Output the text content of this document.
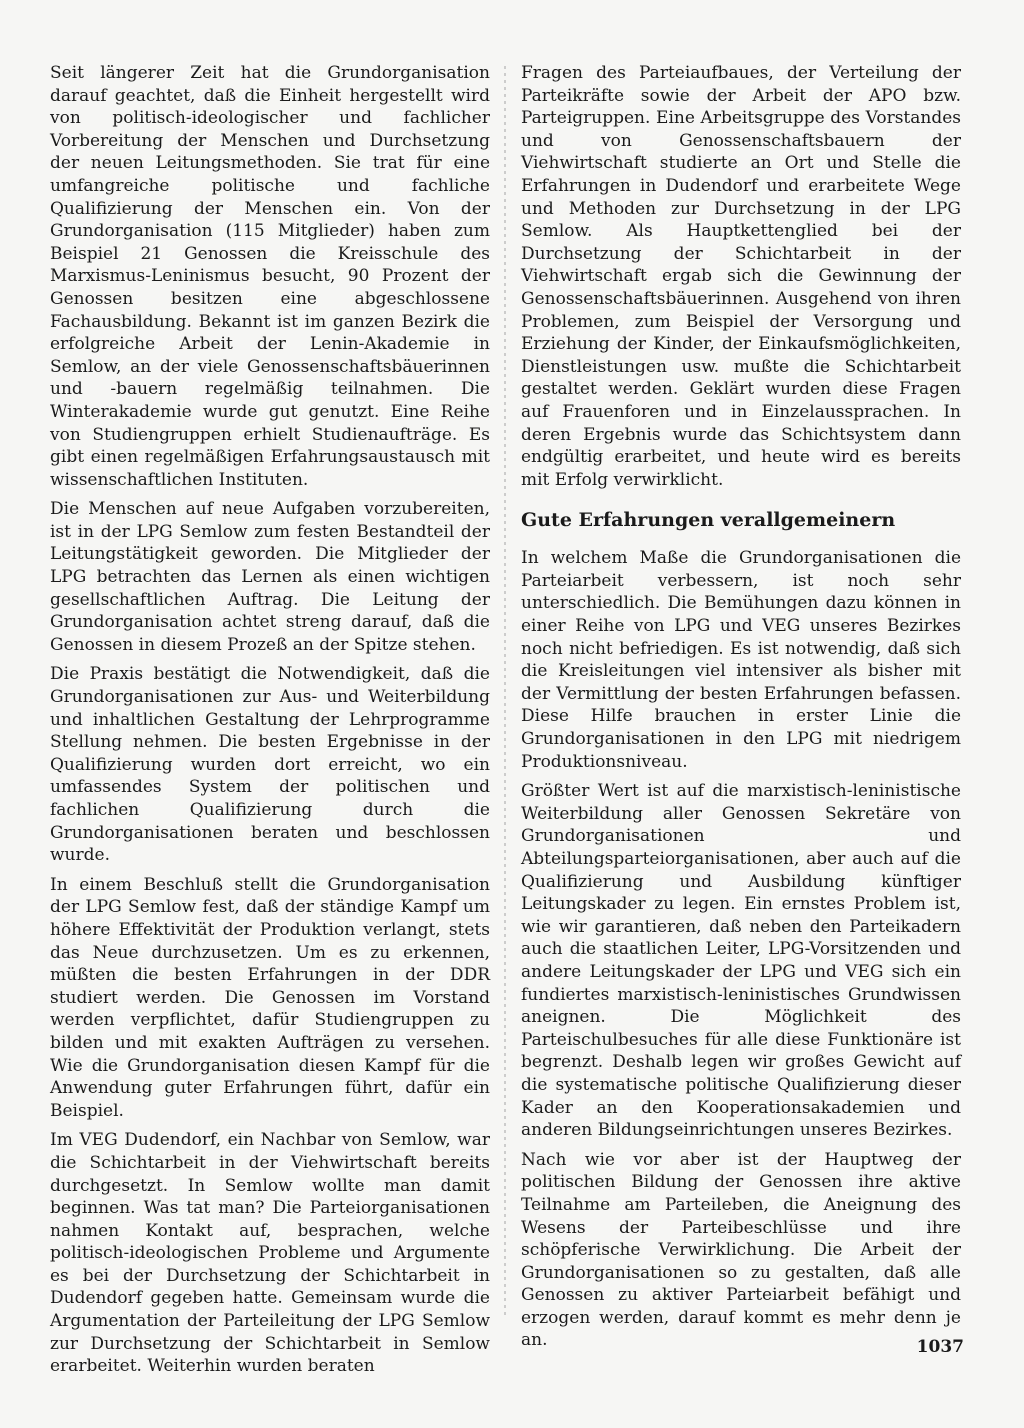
Seit längerer Zeit hat die Grundorganisation darauf geachtet, daß die Einheit hergestellt wird von politisch-ideologischer und fachlicher Vorbereitung der Menschen und Durchsetzung der neuen Leitungsmethoden. Sie trat für eine umfangreiche politische und fachliche Qualifizierung der Menschen ein. Von der Grundorganisation (115 Mitglieder) haben zum Beispiel 21 Genossen die Kreisschule des Marxismus-Leninismus besucht, 90 Prozent der Genossen besitzen eine abgeschlossene Fachausbildung. Bekannt ist im ganzen Bezirk die erfolgreiche Arbeit der Lenin-Akademie in Semlow, an der viele Genossenschaftsbäuerinnen und -bauern regelmäßig teilnahmen. Die Winterakademie wurde gut genutzt. Eine Reihe von Studiengruppen erhielt Studienaufträge. Es gibt einen regelmäßigen Erfahrungsaustausch mit wissenschaftlichen Instituten.

Die Menschen auf neue Aufgaben vorzubereiten, ist in der LPG Semlow zum festen Bestandteil der Leitungstätigkeit geworden. Die Mitglieder der LPG betrachten das Lernen als einen wichtigen gesellschaftlichen Auftrag. Die Leitung der Grundorganisation achtet streng darauf, daß die Genossen in diesem Prozeß an der Spitze stehen.

Die Praxis bestätigt die Notwendigkeit, daß die Grundorganisationen zur Aus- und Weiterbildung und inhaltlichen Gestaltung der Lehrprogramme Stellung nehmen. Die besten Ergebnisse in der Qualifizierung wurden dort erreicht, wo ein umfassendes System der politischen und fachlichen Qualifizierung durch die Grundorganisationen beraten und beschlossen wurde.

In einem Beschluß stellt die Grundorganisation der LPG Semlow fest, daß der ständige Kampf um höhere Effektivität der Produktion verlangt, stets das Neue durchzusetzen. Um es zu erkennen, müßten die besten Erfahrungen in der DDR studiert werden. Die Genossen im Vorstand werden verpflichtet, dafür Studiengruppen zu bilden und mit exakten Aufträgen zu versehen. Wie die Grundorganisation diesen Kampf für die Anwendung guter Erfahrungen führt, dafür ein Beispiel.

Im VEG Dudendorf, ein Nachbar von Semlow, war die Schichtarbeit in der Viehwirtschaft bereits durchgesetzt. In Semlow wollte man damit beginnen. Was tat man? Die Parteiorganisationen nahmen Kontakt auf, besprachen, welche politisch-ideologischen Probleme und Argumente es bei der Durchsetzung der Schichtarbeit in Dudendorf gegeben hatte. Gemeinsam wurde die Argumentation der Parteileitung der LPG Semlow zur Durchsetzung der Schichtarbeit in Semlow erarbeitet. Weiterhin wurden beraten

Fragen des Parteiaufbaues, der Verteilung der Parteikräfte sowie der Arbeit der APO bzw. Parteigruppen. Eine Arbeitsgruppe des Vorstandes und von Genossenschaftsbauern der Viehwirtschaft studierte an Ort und Stelle die Erfahrungen in Dudendorf und erarbeitete Wege und Methoden zur Durchsetzung in der LPG Semlow. Als Hauptkettenglied bei der Durchsetzung der Schichtarbeit in der Viehwirtschaft ergab sich die Gewinnung der Genossenschaftsbäuerinnen. Ausgehend von ihren Problemen, zum Beispiel der Versorgung und Erziehung der Kinder, der Einkaufsmöglichkeiten, Dienstleistungen usw. mußte die Schichtarbeit gestaltet werden. Geklärt wurden diese Fragen auf Frauenforen und in Einzelaussprachen. In deren Ergebnis wurde das Schichtsystem dann endgültig erarbeitet, und heute wird es bereits mit Erfolg verwirklicht.

Gute Erfahrungen verallgemeinern

In welchem Maße die Grundorganisationen die Parteiarbeit verbessern, ist noch sehr unterschiedlich. Die Bemühungen dazu können in einer Reihe von LPG und VEG unseres Bezirkes noch nicht befriedigen. Es ist notwendig, daß sich die Kreisleitungen viel intensiver als bisher mit der Vermittlung der besten Erfahrungen befassen. Diese Hilfe brauchen in erster Linie die Grundorganisationen in den LPG mit niedrigem Produktionsniveau.

Größter Wert ist auf die marxistisch-leninistische Weiterbildung aller Genossen Sekretäre von Grundorganisationen und Abteilungsparteiorganisationen, aber auch auf die Qualifizierung und Ausbildung künftiger Leitungskader zu legen. Ein ernstes Problem ist, wie wir garantieren, daß neben den Parteikadern auch die staatlichen Leiter, LPG-Vorsitzenden und andere Leitungskader der LPG und VEG sich ein fundiertes marxistisch-leninistisches Grundwissen aneignen. Die Möglichkeit des Parteischulbesuches für alle diese Funktionäre ist begrenzt. Deshalb legen wir großes Gewicht auf die systematische politische Qualifizierung dieser Kader an den Kooperationsakademien und anderen Bildungseinrichtungen unseres Bezirkes.

Nach wie vor aber ist der Hauptweg der politischen Bildung der Genossen ihre aktive Teilnahme am Parteileben, die Aneignung des Wesens der Parteibeschlüsse und ihre schöpferische Verwirklichung. Die Arbeit der Grundorganisationen so zu gestalten, daß alle Genossen zu aktiver Parteiarbeit befähigt und erzogen werden, darauf kommt es mehr denn je an.	1037
